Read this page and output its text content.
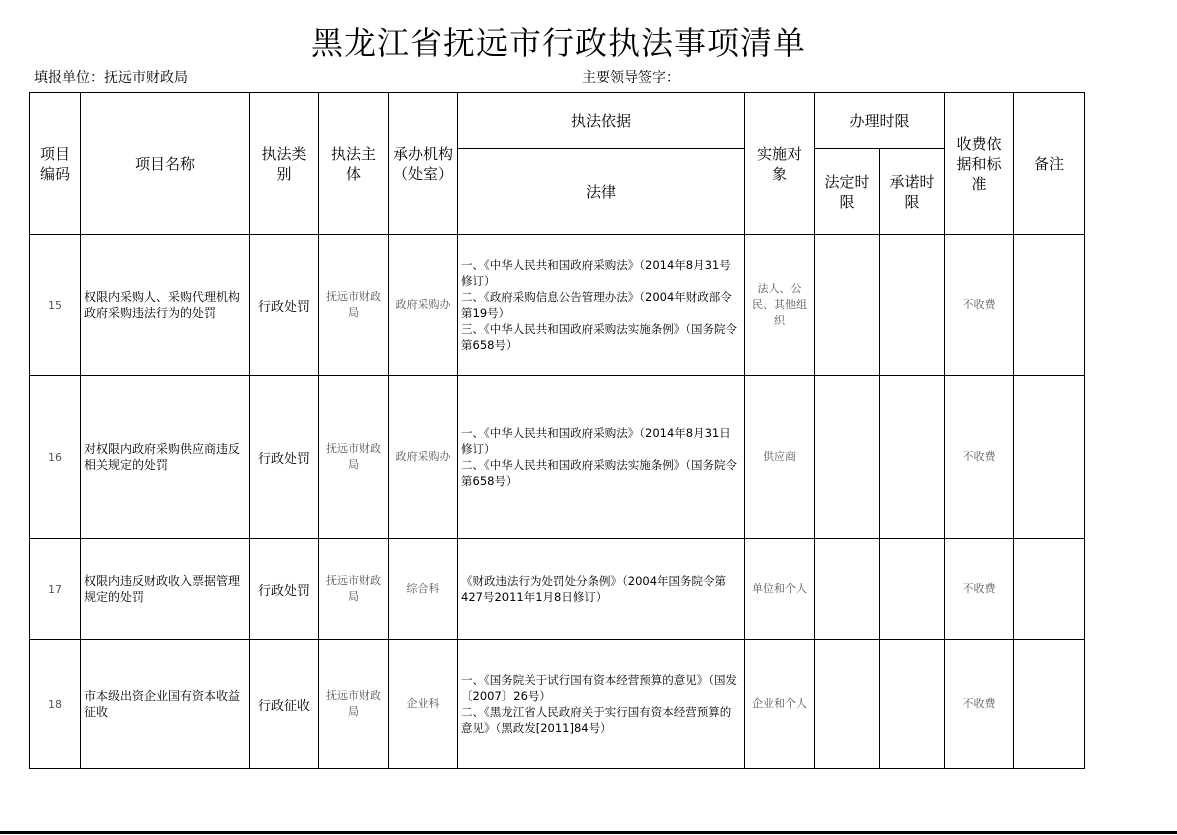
黑龙江省抚远市行政执法事项清单
填报单位：抚远市财政局	主要领导签字：
项目编码	项目名称	执法类别	执法主体	承办机构（处室）	执法依据	实施对象	办理时限		收费依据和标准	备注
					法律		法定时限	承诺时限		
15	权限内采购人、采购代理机构政府采购违法行为的处罚	行政处罚	抚远市财政局	政府采购办	一、《中华人民共和国政府采购法》（2014年8月31号修订）
二、《政府采购信息公告管理办法》（2004年财政部令第19号）
三、《中华人民共和国政府采购法实施条例》（国务院令第658号）	法人、公民、其他组织			不收费	
16	对权限内政府采购供应商违反相关规定的处罚	行政处罚	抚远市财政局	政府采购办	一、《中华人民共和国政府采购法》（2014年8月31日修订）
二、《中华人民共和国政府采购法实施条例》（国务院令第658号）	供应商			不收费	
17	权限内违反财政收入票据管理规定的处罚	行政处罚	抚远市财政局	综合科	《财政违法行为处罚处分条例》（2004年国务院令第427号2011年1月8日修订）	单位和个人			不收费	
18	市本级出资企业国有资本收益征收	行政征收	抚远市财政局	企业科	一、《国务院关于试行国有资本经营预算的意见》（国发〔2007〕26号）
二、《黑龙江省人民政府关于实行国有资本经营预算的意见》（黑政发[2011]84号）	企业和个人			不收费	
